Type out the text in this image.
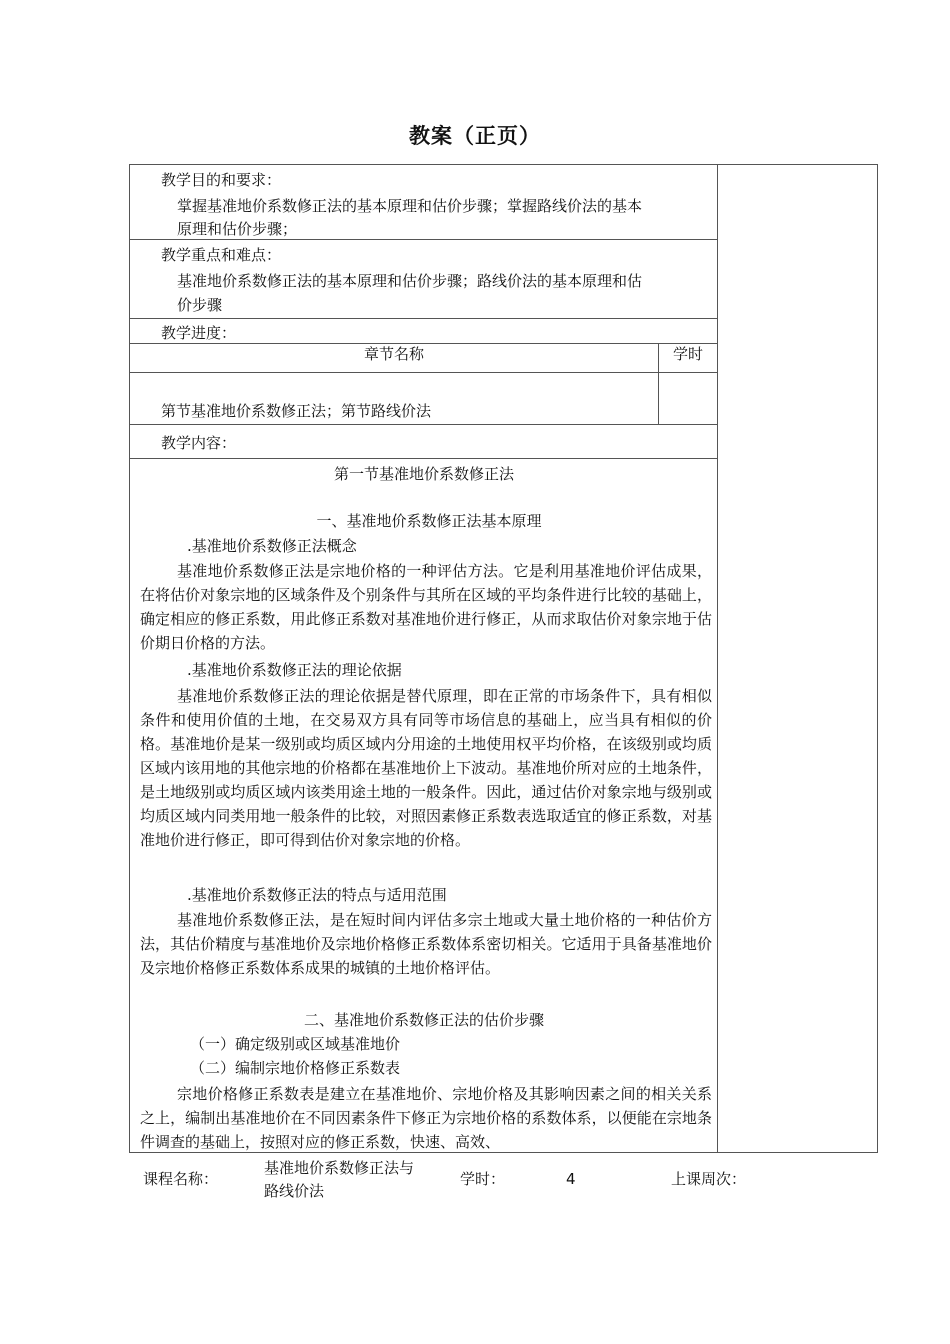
教案（正页）
教学目的和要求：
掌握基准地价系数修正法的基本原理和估价步骤；掌握路线价法的基本
原理和估价步骤；
教学重点和难点：
基准地价系数修正法的基本原理和估价步骤；路线价法的基本原理和估
价步骤
教学进度：
章节名称	学时
第节基准地价系数修正法；第节路线价法
教学内容：
第一节基准地价系数修正法
一、基准地价系数修正法基本原理
.基准地价系数修正法概念
基准地价系数修正法是宗地价格的一种评估方法。它是利用基准地价评估成果，在将估价对象宗地的区域条件及个别条件与其所在区域的平均条件进行比较的基础上，确定相应的修正系数，用此修正系数对基准地价进行修正，从而求取估价对象宗地于估价期日价格的方法。
.基准地价系数修正法的理论依据
基准地价系数修正法的理论依据是替代原理，即在正常的市场条件下，具有相似条件和使用价值的土地，在交易双方具有同等市场信息的基础上，应当具有相似的价格。基准地价是某一级别或均质区域内分用途的土地使用权平均价格，在该级别或均质区域内该用地的其他宗地的价格都在基准地价上下波动。基准地价所对应的土地条件，是土地级别或均质区域内该类用途土地的一般条件。因此，通过估价对象宗地与级别或均质区域内同类用地一般条件的比较，对照因素修正系数表选取适宜的修正系数，对基准地价进行修正，即可得到估价对象宗地的价格。
.基准地价系数修正法的特点与适用范围
基准地价系数修正法，是在短时间内评估多宗土地或大量土地价格的一种估价方法，其估价精度与基准地价及宗地价格修正系数体系密切相关。它适用于具备基准地价及宗地价格修正系数体系成果的城镇的土地价格评估。
二、基准地价系数修正法的估价步骤
（一）确定级别或区域基准地价
（二）编制宗地价格修正系数表
宗地价格修正系数表是建立在基准地价、宗地价格及其影响因素之间的相关关系之上，编制出基准地价在不同因素条件下修正为宗地价格的系数体系，以便能在宗地条件调查的基础上，按照对应的修正系数，快速、高效、
课程名称：
基准地价系数修正法与
路线价法
学时：	4	上课周次：
